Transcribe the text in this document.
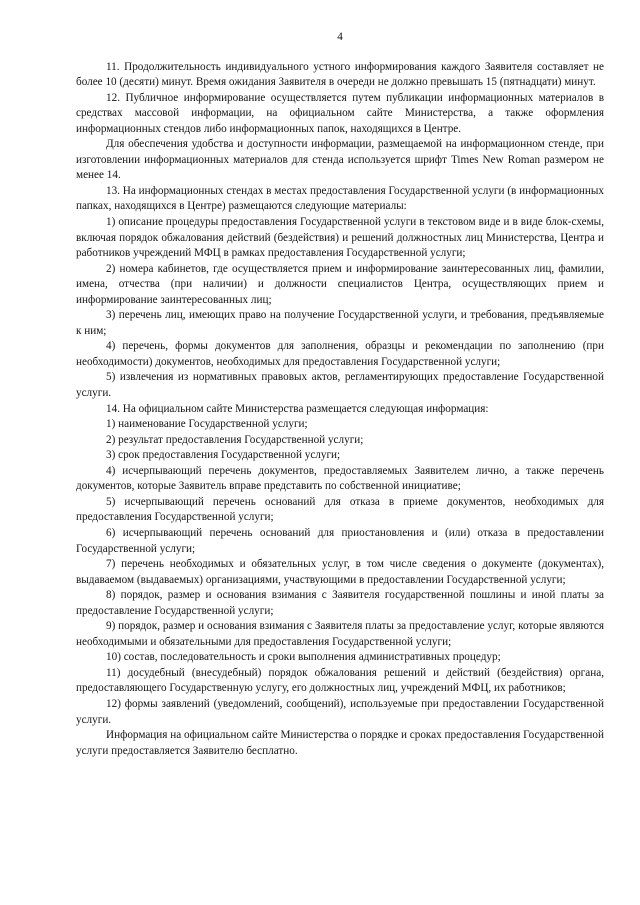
4

11. Продолжительность индивидуального устного информирования каждого Заявителя составляет не более 10 (десяти) минут. Время ожидания Заявителя в очереди не должно превышать 15 (пятнадцати) минут.

12. Публичное информирование осуществляется путем публикации информационных материалов в средствах массовой информации, на официальном сайте Министерства, а также оформления информационных стендов либо информационных папок, находящихся в Центре.

Для обеспечения удобства и доступности информации, размещаемой на информационном стенде, при изготовлении информационных материалов для стенда используется шрифт Times New Roman размером не менее 14.

13. На информационных стендах в местах предоставления Государственной услуги (в информационных папках, находящихся в Центре) размещаются следующие материалы:

1) описание процедуры предоставления Государственной услуги в текстовом виде и в виде блок-схемы, включая порядок обжалования действий (бездействия) и решений должностных лиц Министерства, Центра и работников учреждений МФЦ в рамках предоставления Государственной услуги;

2) номера кабинетов, где осуществляется прием и информирование заинтересованных лиц, фамилии, имена, отчества (при наличии) и должности специалистов Центра, осуществляющих прием и информирование заинтересованных лиц;

3) перечень лиц, имеющих право на получение Государственной услуги, и требования, предъявляемые к ним;

4) перечень, формы документов для заполнения, образцы и рекомендации по заполнению (при необходимости) документов, необходимых для предоставления Государственной услуги;

5) извлечения из нормативных правовых актов, регламентирующих предоставление Государственной услуги.

14. На официальном сайте Министерства размещается следующая информация:

1) наименование Государственной услуги;

2) результат предоставления Государственной услуги;

3) срок предоставления Государственной услуги;

4) исчерпывающий перечень документов, предоставляемых Заявителем лично, а также перечень документов, которые Заявитель вправе представить по собственной инициативе;

5) исчерпывающий перечень оснований для отказа в приеме документов, необходимых для предоставления Государственной услуги;

6) исчерпывающий перечень оснований для приостановления и (или) отказа в предоставлении Государственной услуги;

7) перечень необходимых и обязательных услуг, в том числе сведения о документе (документах), выдаваемом (выдаваемых) организациями, участвующими в предоставлении Государственной услуги;

8) порядок, размер и основания взимания с Заявителя государственной пошлины и иной платы за предоставление Государственной услуги;

9) порядок, размер и основания взимания с Заявителя платы за предоставление услуг, которые являются необходимыми и обязательными для предоставления Государственной услуги;

10) состав, последовательность и сроки выполнения административных процедур;

11) досудебный (внесудебный) порядок обжалования решений и действий (бездействия) органа, предоставляющего Государственную услугу, его должностных лиц, учреждений МФЦ, их работников;

12) формы заявлений (уведомлений, сообщений), используемые при предоставлении Государственной услуги.

Информация на официальном сайте Министерства о порядке и сроках предоставления Государственной услуги предоставляется Заявителю бесплатно.
